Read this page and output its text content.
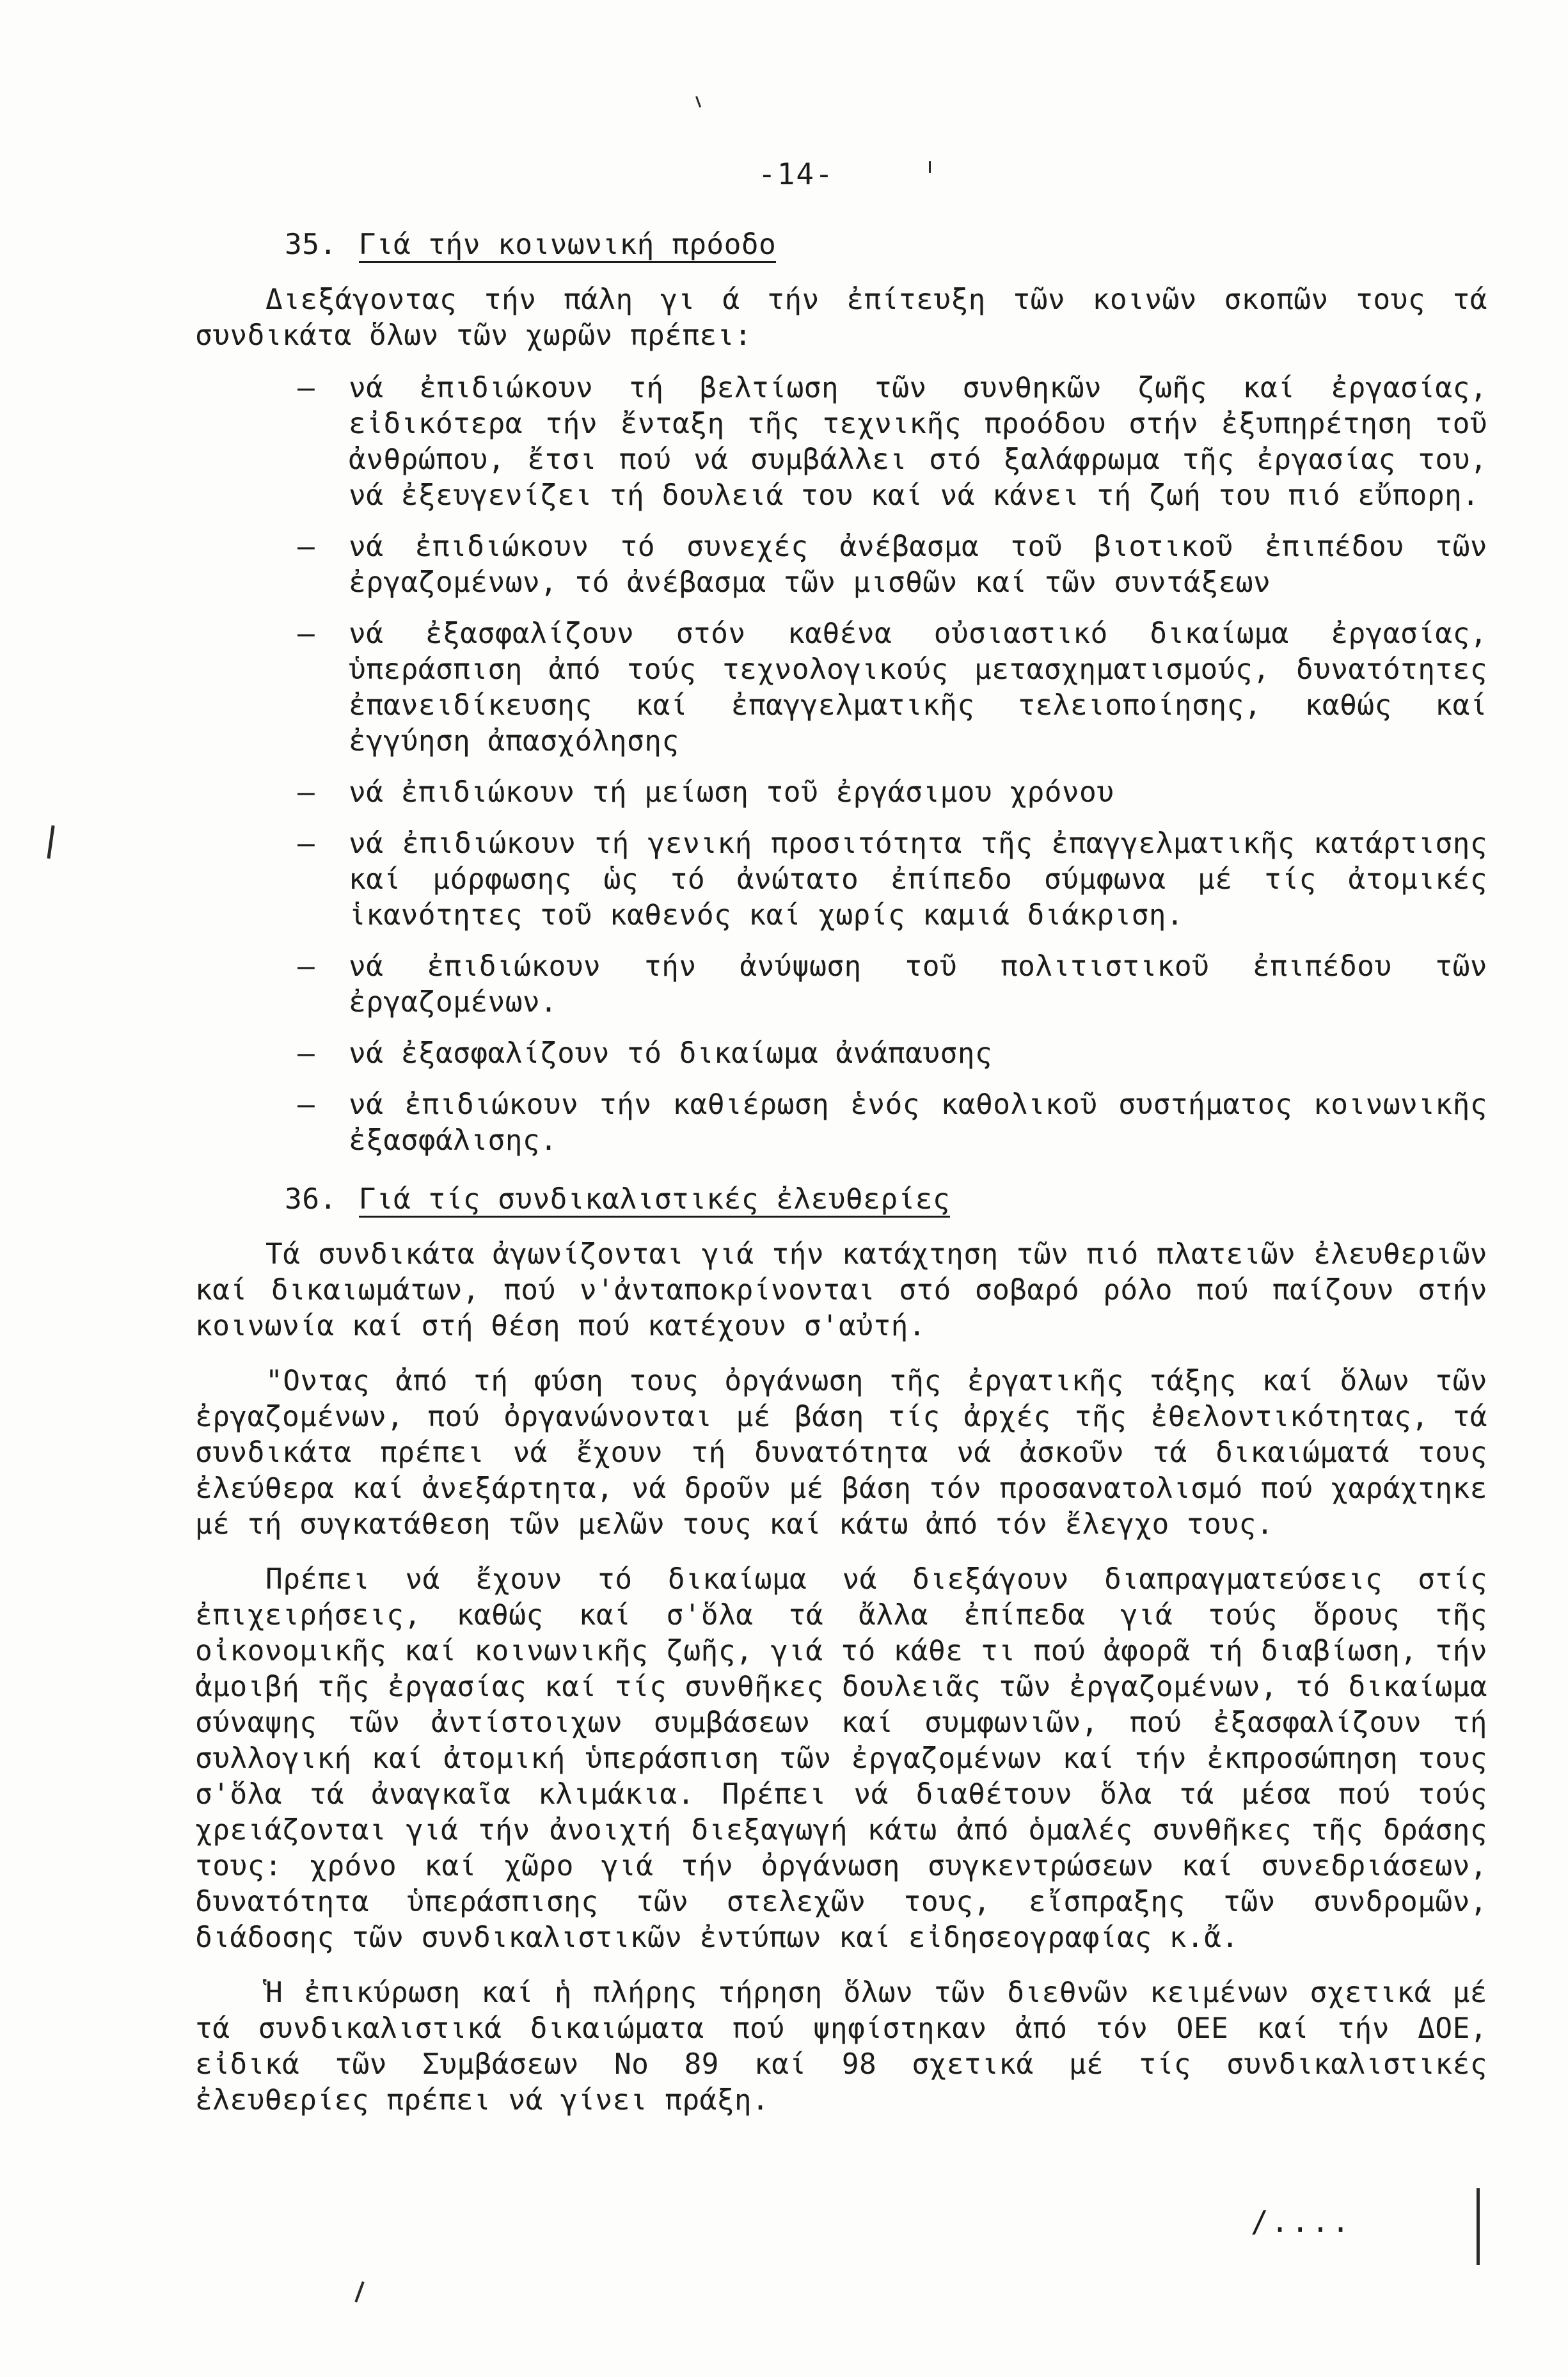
-14-
35. Γιά τήν κοινωνική πρόοδο

Διεξάγοντας τήν πάλη γι ά τήν ἐπίτευξη τῶν κοινῶν σκοπῶν τους τά συνδικάτα ὅλων τῶν χωρῶν πρέπει:

– νά ἐπιδιώκουν τή βελτίωση τῶν συνθηκῶν ζωῆς καί ἐργασίας, εἰδικότερα τήν ἔνταξη τῆς τεχνικῆς προόδου στήν ἐξυπηρέτηση τοῦ ἀνθρώπου, ἔτσι πού νά συμβάλλει στό ξαλάφρωμα τῆς ἐργασίας του, νά ἐξευγενίζει τή δουλειά του καί νά κάνει τή ζωή του πιό εὔπορη.
– νά ἐπιδιώκουν τό συνεχές ἀνέβασμα τοῦ βιοτικοῦ ἐπιπέδου τῶν ἐργαζομένων, τό ἀνέβασμα τῶν μισθῶν καί τῶν συντάξεων
– νά ἐξασφαλίζουν στόν καθένα οὐσιαστικό δικαίωμα ἐργασίας, ὑπεράσπιση ἀπό τούς τεχνολογικούς μετασχηματισμούς, δυνατότητες ἐπανειδίκευσης καί ἐπαγγελματικῆς τελειοποίησης, καθώς καί ἐγγύηση ἀπασχόλησης
– νά ἐπιδιώκουν τή μείωση τοῦ ἐργάσιμου χρόνου
– νά ἐπιδιώκουν τή γενική προσιτότητα τῆς ἐπαγγελματικῆς κατάρτισης καί μόρφωσης ὡς τό ἀνώτατο ἐπίπεδο σύμφωνα μέ τίς ἀτομικές ἱκανότητες τοῦ καθενός καί χωρίς καμιά διάκριση.
– νά ἐπιδιώκουν τήν ἀνύψωση τοῦ πολιτιστικοῦ ἐπιπέδου τῶν ἐργαζομένων.
– νά ἐξασφαλίζουν τό δικαίωμα ἀνάπαυσης
– νά ἐπιδιώκουν τήν καθιέρωση ἑνός καθολικοῦ συστήματος κοινωνικῆς ἐξασφάλισης.
36. Γιά τίς συνδικαλιστικές ἐλευθερίες

Τά συνδικάτα ἀγωνίζονται γιά τήν κατάχτηση τῶν πιό πλατειῶν ἐλευθεριῶν καί δικαιωμάτων, πού ν'ἀνταποκρίνονται στό σοβαρό ρόλο πού παίζουν στήν κοινωνία καί στή θέση πού κατέχουν σ'αὐτή.

"Οντας ἀπό τή φύση τους ὀργάνωση τῆς ἐργατικῆς τάξης καί ὅλων τῶν ἐργαζομένων, πού ὀργανώνονται μέ βάση τίς ἀρχές τῆς ἐθελοντικότητας, τά συνδικάτα πρέπει νά ἔχουν τή δυνατότητα νά ἀσκοῦν τά δικαιώματά τους ἐλεύθερα καί ἀνεξάρτητα, νά δροῦν μέ βάση τόν προσανατολισμό πού χαράχτηκε μέ τή συγκατάθεση τῶν μελῶν τους καί κάτω ἀπό τόν ἔλεγχο τους.

Πρέπει νά ἔχουν τό δικαίωμα νά διεξάγουν διαπραγματεύσεις στίς ἐπιχειρήσεις, καθώς καί σ'ὅλα τά ἄλλα ἐπίπεδα γιά τούς ὅρους τῆς οἰκονομικῆς καί κοινωνικῆς ζωῆς, γιά τό κάθε τι πού ἀφορᾶ τή διαβίωση, τήν ἀμοιβή τῆς ἐργασίας καί τίς συνθῆκες δουλειᾶς τῶν ἐργαζομένων, τό δικαίωμα σύναψης τῶν ἀντίστοιχων συμβάσεων καί συμφωνιῶν, πού ἐξασφαλίζουν τή συλλογική καί ἀτομική ὑπεράσπιση τῶν ἐργαζομένων καί τήν ἐκπροσώπηση τους σ'ὅλα τά ἀναγκαῖα κλιμάκια. Πρέπει νά διαθέτουν ὅλα τά μέσα πού τούς χρειάζονται γιά τήν ἀνοιχτή διεξαγωγή κάτω ἀπό ὁμαλές συνθῆκες τῆς δράσης τους: χρόνο καί χῶρο γιά τήν ὀργάνωση συγκεντρώσεων καί συνεδριάσεων, δυνατότητα ὑπεράσπισης τῶν στελεχῶν τους, εἴσπραξης τῶν συνδρομῶν, διάδοσης τῶν συνδικαλιστικῶν ἐντύπων καί εἰδησεογραφίας κ.ἄ.

Ἡ ἐπικύρωση καί ἡ πλήρης τήρηση ὅλων τῶν διεθνῶν κειμένων σχετικά μέ τά συνδικαλιστικά δικαιώματα πού ψηφίστηκαν ἀπό τόν ΟΕΕ καί τήν ΔΟΕ, εἰδικά τῶν Συμβάσεων Νο 89 καί 98 σχετικά μέ τίς συνδικαλιστικές ἐλευθερίες πρέπει νά γίνει πράξη.

/....
